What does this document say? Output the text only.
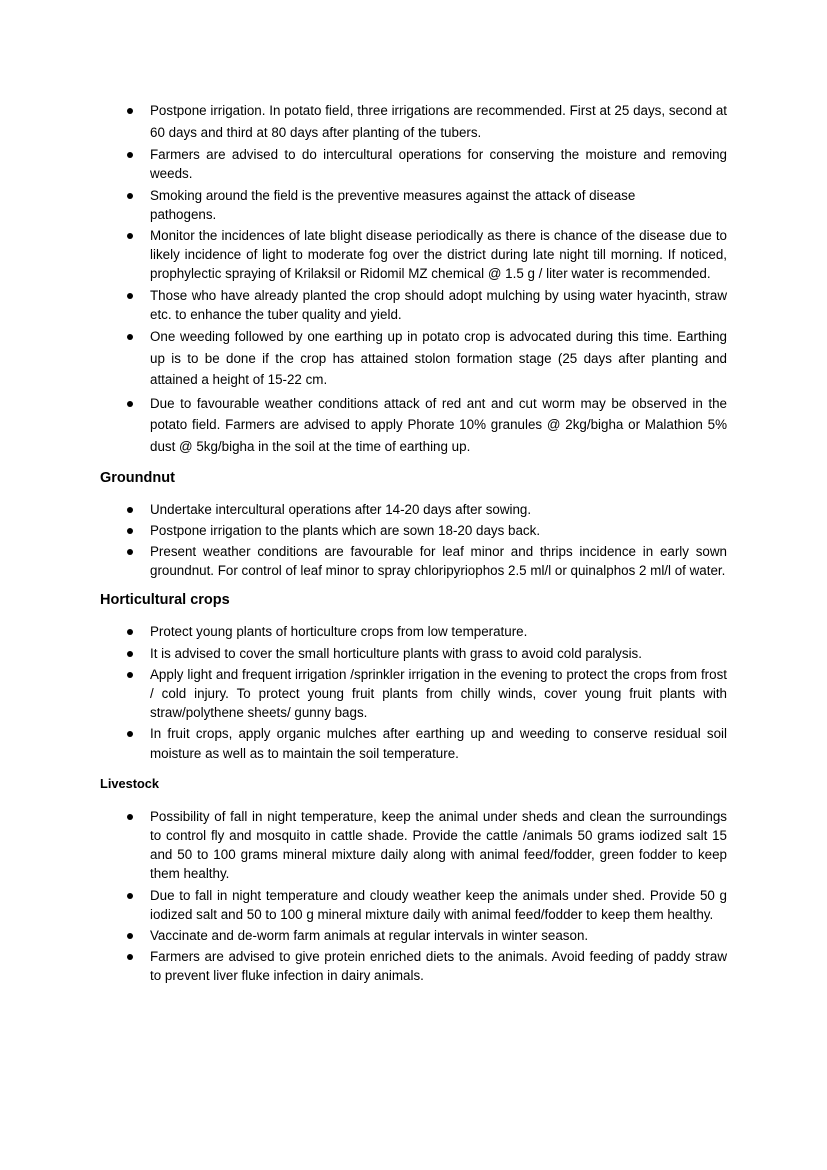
Postpone irrigation. In potato field, three irrigations are recommended. First at 25 days, second at 60 days and third at 80 days after planting of the tubers.
Farmers are advised to do intercultural operations for conserving the moisture and removing weeds.
Smoking around the field is the preventive measures against the attack of disease pathogens.
Monitor the incidences of late blight disease periodically as there is chance of the disease due to likely incidence of light to moderate fog over the district during late night till morning. If noticed, prophylectic spraying of Krilaksil or Ridomil MZ chemical @ 1.5 g / liter water is recommended.
Those who have already planted the crop should adopt mulching by using water hyacinth, straw etc. to enhance the tuber quality and yield.
One weeding followed by one earthing up in potato crop is advocated during this time. Earthing up is to be done if the crop has attained stolon formation stage (25 days after planting and attained a height of 15-22 cm.
Due to favourable weather conditions attack of red ant and cut worm may be observed in the potato field. Farmers are advised to apply Phorate 10% granules @ 2kg/bigha or Malathion 5% dust @ 5kg/bigha in the soil at the time of earthing up.
Groundnut
Undertake intercultural operations after 14-20 days after sowing.
Postpone irrigation to the plants which are sown 18-20 days back.
Present weather conditions are favourable for leaf minor and thrips incidence in early sown groundnut. For control of leaf minor to spray chloripyriophos 2.5 ml/l or quinalphos 2 ml/l of water.
Horticultural crops
Protect young plants of horticulture crops from low temperature.
It is advised to cover the small horticulture plants with grass to avoid cold paralysis.
Apply light and frequent irrigation /sprinkler irrigation in the evening to protect the crops from frost / cold injury. To protect young fruit plants from chilly winds, cover young fruit plants with straw/polythene sheets/ gunny bags.
In fruit crops, apply organic mulches after earthing up and weeding to conserve residual soil moisture as well as to maintain the soil temperature.
Livestock
Possibility of fall in night temperature, keep the animal under sheds and clean the surroundings to control fly and mosquito in cattle shade. Provide the cattle /animals 50 grams iodized salt 15 and 50 to 100 grams mineral mixture daily along with animal feed/fodder, green fodder to keep them healthy.
Due to fall in night temperature and cloudy weather keep the animals under shed. Provide 50 g iodized salt and 50 to 100 g mineral mixture daily with animal feed/fodder to keep them healthy.
Vaccinate and de-worm farm animals at regular intervals in winter season.
Farmers are advised to give protein enriched diets to the animals. Avoid feeding of paddy straw to prevent liver fluke infection in dairy animals.
